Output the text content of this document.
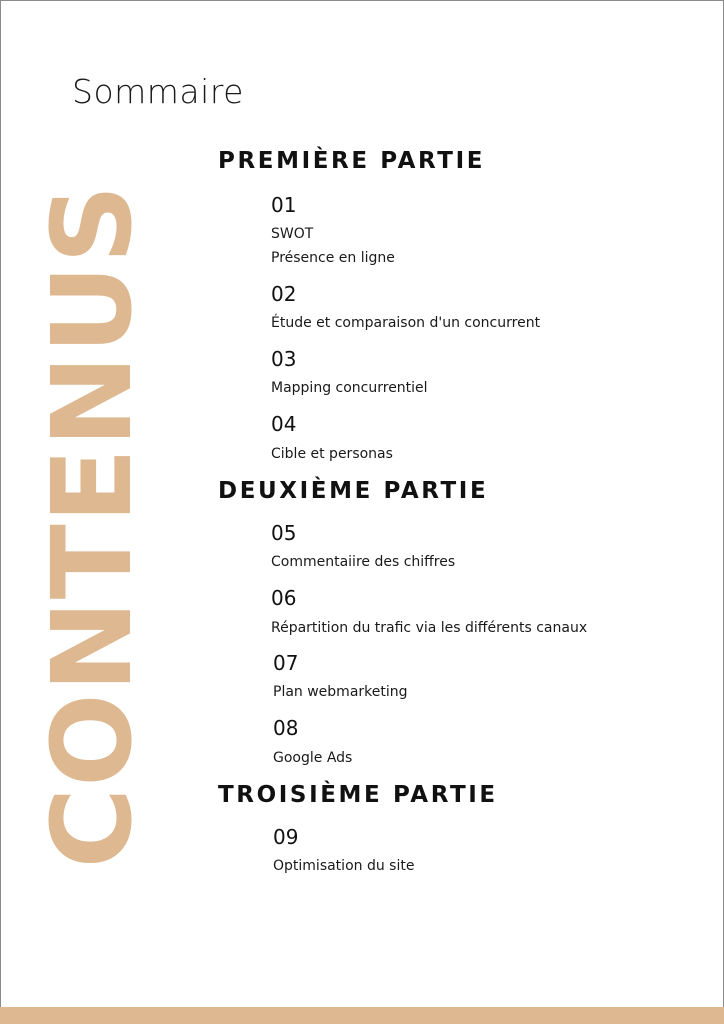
Sommaire
CONTENUS
PREMIÈRE PARTIE
01
SWOT
Présence en ligne
02
Étude et comparaison d'un concurrent
03
Mapping concurrentiel
04
Cible et personas
DEUXIÈME PARTIE
05
Commentaiire des chiffres
06
Répartition du trafic via les différents canaux
07
Plan webmarketing
08
Google Ads
TROISIÈME PARTIE
09
Optimisation du site
